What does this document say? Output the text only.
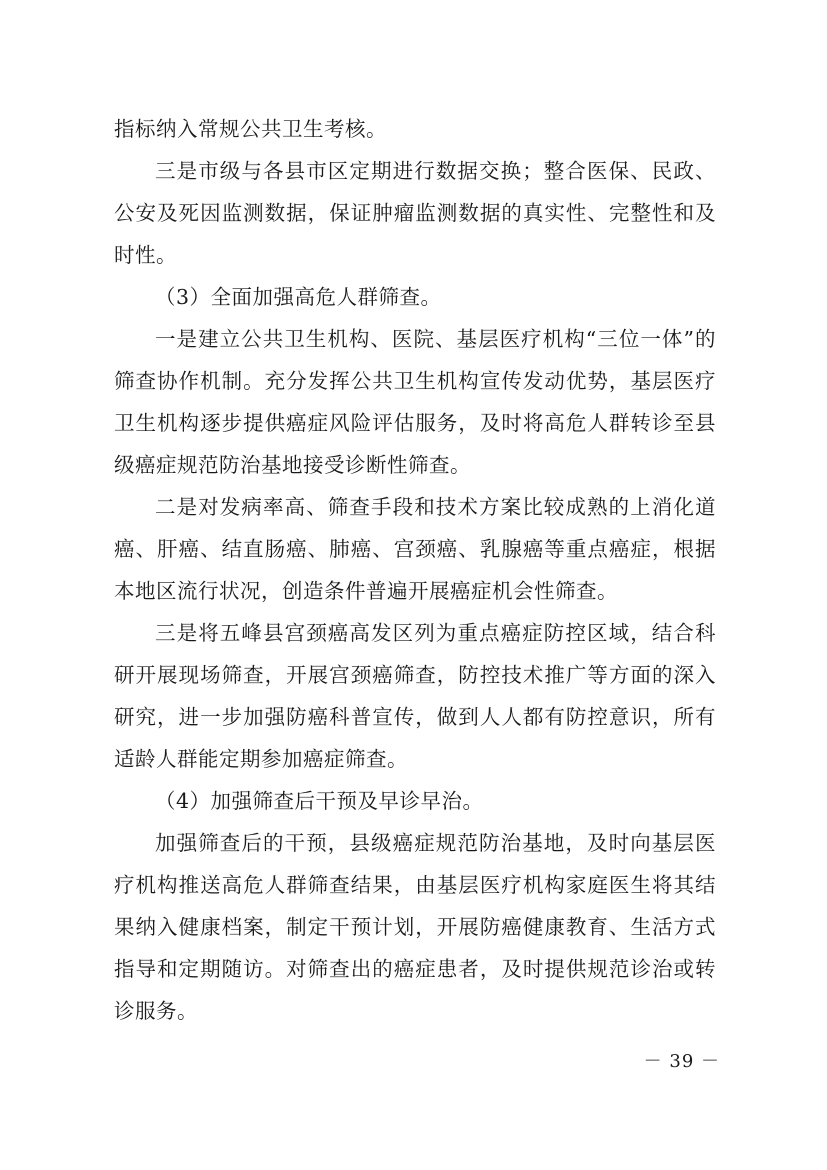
指标纳入常规公共卫生考核。

三是市级与各县市区定期进行数据交换；整合医保、民政、公安及死因监测数据，保证肿瘤监测数据的真实性、完整性和及时性。

（3）全面加强高危人群筛查。

一是建立公共卫生机构、医院、基层医疗机构“三位一体”的筛查协作机制。充分发挥公共卫生机构宣传发动优势，基层医疗卫生机构逐步提供癌症风险评估服务，及时将高危人群转诊至县级癌症规范防治基地接受诊断性筛查。

二是对发病率高、筛查手段和技术方案比较成熟的上消化道癌、肝癌、结直肠癌、肺癌、宫颈癌、乳腺癌等重点癌症，根据本地区流行状况，创造条件普遍开展癌症机会性筛查。

三是将五峰县宫颈癌高发区列为重点癌症防控区域，结合科研开展现场筛查，开展宫颈癌筛查，防控技术推广等方面的深入研究，进一步加强防癌科普宣传，做到人人都有防控意识，所有适龄人群能定期参加癌症筛查。

（4）加强筛查后干预及早诊早治。

加强筛查后的干预，县级癌症规范防治基地，及时向基层医疗机构推送高危人群筛查结果，由基层医疗机构家庭医生将其结果纳入健康档案，制定干预计划，开展防癌健康教育、生活方式指导和定期随访。对筛查出的癌症患者，及时提供规范诊治或转诊服务。

－ 39 －
